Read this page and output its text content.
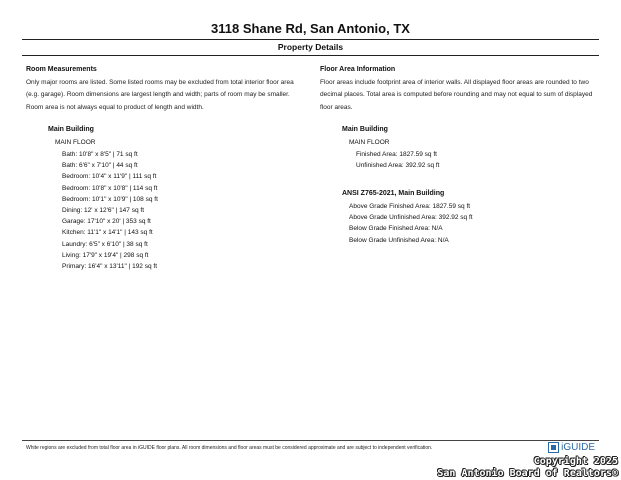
3118 Shane Rd, San Antonio, TX
Property Details
Room Measurements
Only major rooms are listed. Some listed rooms may be excluded from total interior floor area (e.g. garage). Room dimensions are largest length and width; parts of room may be smaller. Room area is not always equal to product of length and width.
Main Building
MAIN FLOOR
Bath: 10'8" x 8'5" | 71 sq ft
Bath: 6'6" x 7'10" | 44 sq ft
Bedroom: 10'4" x 11'9" | 111 sq ft
Bedroom: 10'8" x 10'8" | 114 sq ft
Bedroom: 10'1" x 10'9" | 108 sq ft
Dining: 12' x 12'6" | 147 sq ft
Garage: 17'10" x 20' | 353 sq ft
Kitchen: 11'1" x 14'1" | 143 sq ft
Laundry: 6'5" x 6'10" | 38 sq ft
Living: 17'9" x 19'4" | 298 sq ft
Primary: 16'4" x 13'11" | 192 sq ft
Floor Area Information
Floor areas include footprint area of interior walls. All displayed floor areas are rounded to two decimal places. Total area is computed before rounding and may not equal to sum of displayed floor areas.
Main Building
MAIN FLOOR
Finished Area: 1827.59 sq ft
Unfinished Area: 392.92 sq ft
ANSI Z765-2021, Main Building
Above Grade Finished Area: 1827.59 sq ft
Above Grade Unfinished Area: 392.92 sq ft
Below Grade Finished Area: N/A
Below Grade Unfinished Area: N/A
White regions are excluded from total floor area in iGUIDE floor plans. All room dimensions and floor areas must be considered approximate and are subject to independent verification.	iGUIDE
Copyright 2025
San Antonio Board of Realtors®
